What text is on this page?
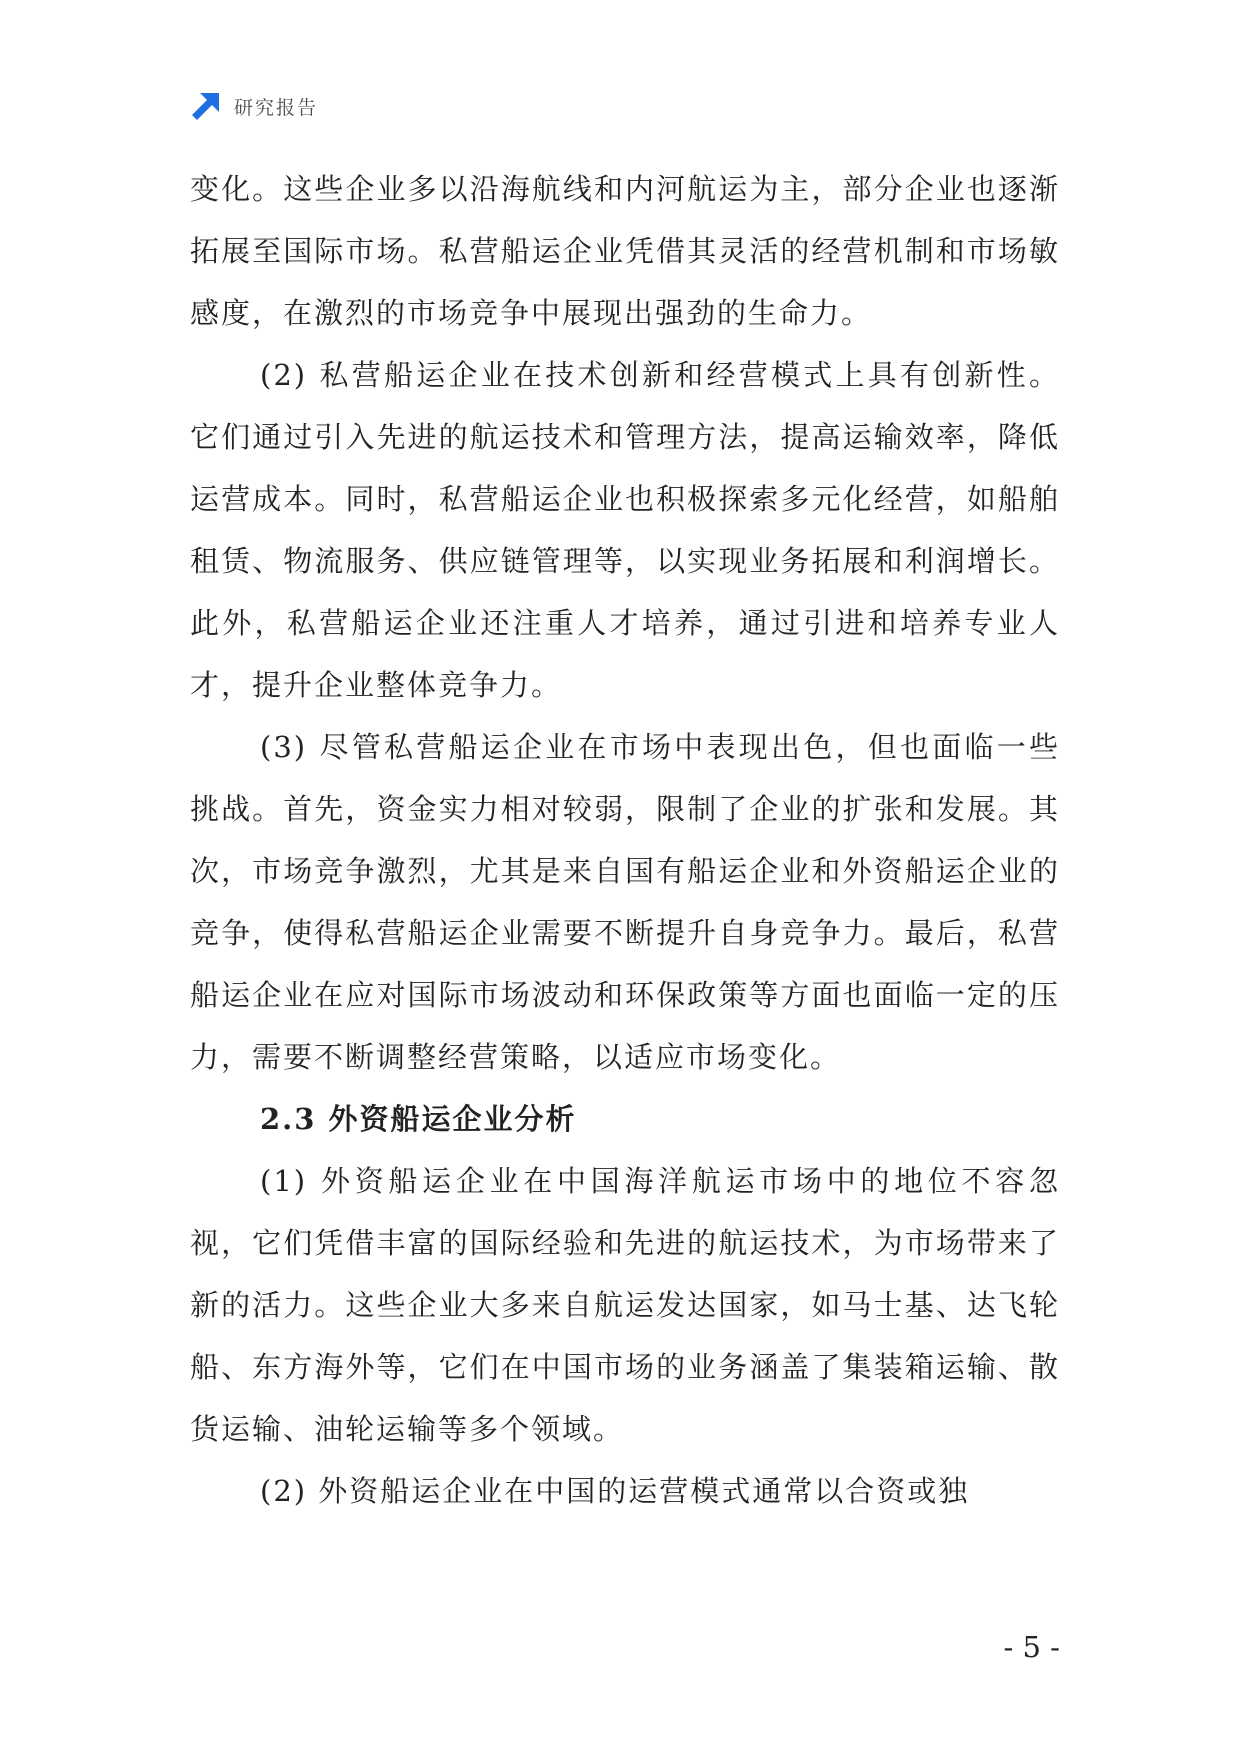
研究报告

变化。这些企业多以沿海航线和内河航运为主，部分企业也逐渐拓展至国际市场。私营船运企业凭借其灵活的经营机制和市场敏感度，在激烈的市场竞争中展现出强劲的生命力。

(2) 私营船运企业在技术创新和经营模式上具有创新性。它们通过引入先进的航运技术和管理方法，提高运输效率，降低运营成本。同时，私营船运企业也积极探索多元化经营，如船舶租赁、物流服务、供应链管理等，以实现业务拓展和利润增长。此外，私营船运企业还注重人才培养，通过引进和培养专业人才，提升企业整体竞争力。

(3) 尽管私营船运企业在市场中表现出色，但也面临一些挑战。首先，资金实力相对较弱，限制了企业的扩张和发展。其次，市场竞争激烈，尤其是来自国有船运企业和外资船运企业的竞争，使得私营船运企业需要不断提升自身竞争力。最后，私营船运企业在应对国际市场波动和环保政策等方面也面临一定的压力，需要不断调整经营策略，以适应市场变化。

2.3 外资船运企业分析

(1) 外资船运企业在中国海洋航运市场中的地位不容忽视，它们凭借丰富的国际经验和先进的航运技术，为市场带来了新的活力。这些企业大多来自航运发达国家，如马士基、达飞轮船、东方海外等，它们在中国市场的业务涵盖了集装箱运输、散货运输、油轮运输等多个领域。

(2) 外资船运企业在中国的运营模式通常以合资或独

- 5 -
